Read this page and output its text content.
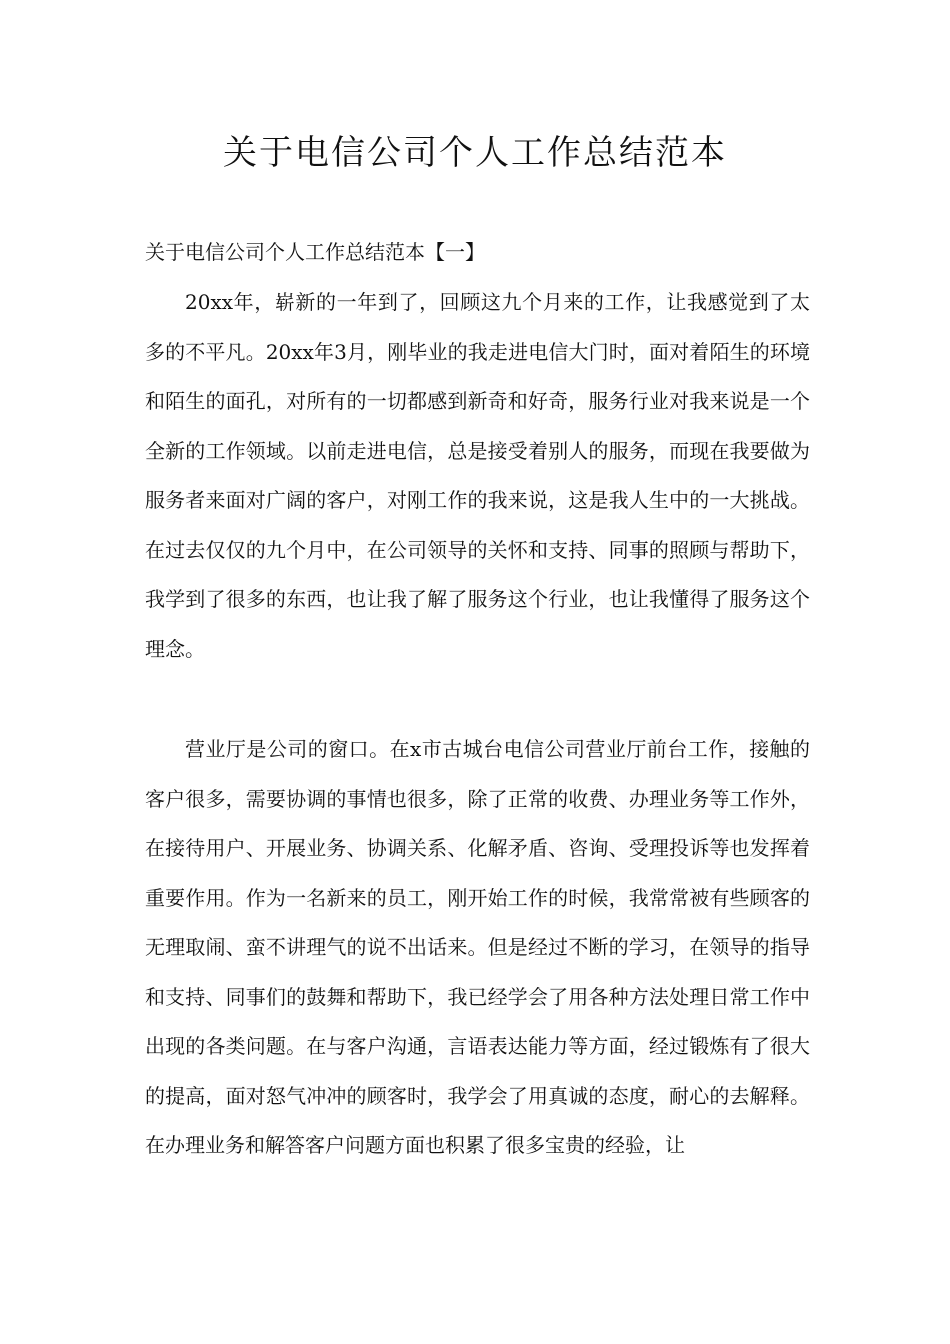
关于电信公司个人工作总结范本
关于电信公司个人工作总结范本【一】

20xx年，崭新的一年到了，回顾这九个月来的工作，让我感觉到了太多的不平凡。20xx年3月，刚毕业的我走进电信大门时，面对着陌生的环境和陌生的面孔，对所有的一切都感到新奇和好奇，服务行业对我来说是一个全新的工作领域。以前走进电信，总是接受着别人的服务，而现在我要做为服务者来面对广阔的客户，对刚工作的我来说，这是我人生中的一大挑战。在过去仅仅的九个月中，在公司领导的关怀和支持、同事的照顾与帮助下，我学到了很多的东西，也让我了解了服务这个行业，也让我懂得了服务这个理念。

营业厅是公司的窗口。在x市古城台电信公司营业厅前台工作，接触的客户很多，需要协调的事情也很多，除了正常的收费、办理业务等工作外，在接待用户、开展业务、协调关系、化解矛盾、咨询、受理投诉等也发挥着重要作用。作为一名新来的员工，刚开始工作的时候，我常常被有些顾客的无理取闹、蛮不讲理气的说不出话来。但是经过不断的学习，在领导的指导和支持、同事们的鼓舞和帮助下，我已经学会了用各种方法处理日常工作中出现的各类问题。在与客户沟通，言语表达能力等方面，经过锻炼有了很大的提高，面对怒气冲冲的顾客时，我学会了用真诚的态度，耐心的去解释。在办理业务和解答客户问题方面也积累了很多宝贵的经验，让
